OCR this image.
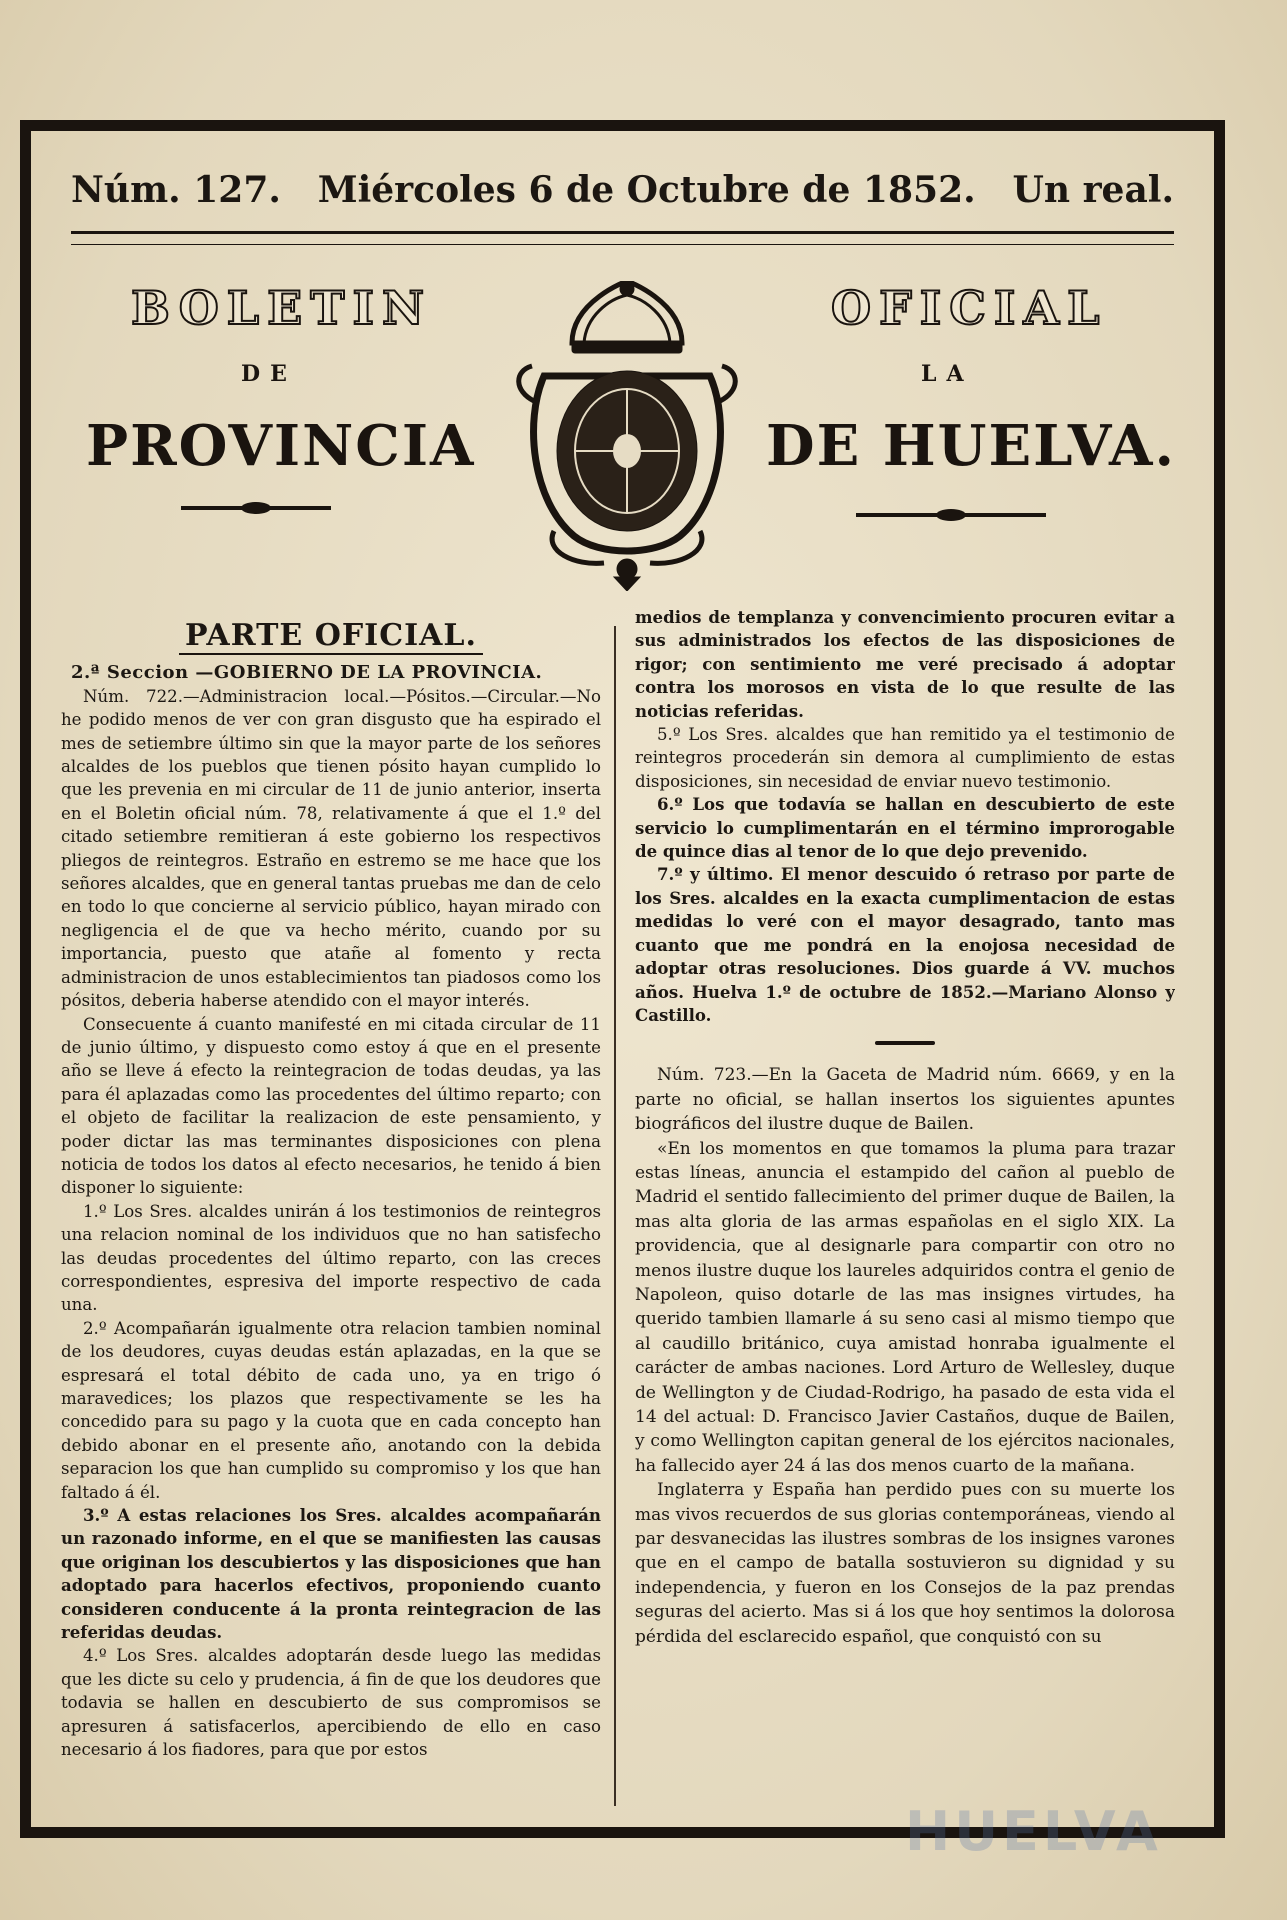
Núm. 127. Miércoles 6 de Octubre de 1852. Un real.
BOLETIN	OFICIAL
DE	LA
PROVINCIA	DE HUELVA.
PARTE OFICIAL.

2.ª Seccion —GOBIERNO DE LA PROVINCIA.

Núm. 722.—Administracion local.—Pósitos.—Circular.—No he podido menos de ver con gran disgusto que ha espirado el mes de setiembre último sin que la mayor parte de los señores alcaldes de los pueblos que tienen pósito hayan cumplido lo que les prevenia en mi circular de 11 de junio anterior, inserta en el Boletin oficial núm. 78, relativamente á que el 1.º del citado setiembre remitieran á este gobierno los respectivos pliegos de reintegros. Estraño en estremo se me hace que los señores alcaldes, que en general tantas pruebas me dan de celo en todo lo que concierne al servicio público, hayan mirado con negligencia el de que va hecho mérito, cuando por su importancia, puesto que atañe al fomento y recta administracion de unos establecimientos tan piadosos como los pósitos, deberia haberse atendido con el mayor interés.

Consecuente á cuanto manifesté en mi citada circular de 11 de junio último, y dispuesto como estoy á que en el presente año se lleve á efecto la reintegracion de todas deudas, ya las para él aplazadas como las procedentes del último reparto; con el objeto de facilitar la realizacion de este pensamiento, y poder dictar las mas terminantes disposiciones con plena noticia de todos los datos al efecto necesarios, he tenido á bien disponer lo siguiente:

1.º Los Sres. alcaldes unirán á los testimonios de reintegros una relacion nominal de los individuos que no han satisfecho las deudas procedentes del último reparto, con las creces correspondientes, espresiva del importe respectivo de cada una.

2.º Acompañarán igualmente otra relacion tambien nominal de los deudores, cuyas deudas están aplazadas, en la que se espresará el total débito de cada uno, ya en trigo ó maravedices; los plazos que respectivamente se les ha concedido para su pago y la cuota que en cada concepto han debido abonar en el presente año, anotando con la debida separacion los que han cumplido su compromiso y los que han faltado á él.

3.º A estas relaciones los Sres. alcaldes acompañarán un razonado informe, en el que se manifiesten las causas que originan los descubiertos y las disposiciones que han adoptado para hacerlos efectivos, proponiendo cuanto consideren conducente á la pronta reintegracion de las referidas deudas.

4.º Los Sres. alcaldes adoptarán desde luego las medidas que les dicte su celo y prudencia, á fin de que los deudores que todavia se hallen en descubierto de sus compromisos se apresuren á satisfacerlos, apercibiendo de ello en caso necesario á los fiadores, para que por estos

medios de templanza y convencimiento procuren evitar a sus administrados los efectos de las disposiciones de rigor; con sentimiento me veré precisado á adoptar contra los morosos en vista de lo que resulte de las noticias referidas.

5.º Los Sres. alcaldes que han remitido ya el testimonio de reintegros procederán sin demora al cumplimiento de estas disposiciones, sin necesidad de enviar nuevo testimonio.

6.º Los que todavía se hallan en descubierto de este servicio lo cumplimentarán en el término improrogable de quince dias al tenor de lo que dejo prevenido.

7.º y último. El menor descuido ó retraso por parte de los Sres. alcaldes en la exacta cumplimentacion de estas medidas lo veré con el mayor desagrado, tanto mas cuanto que me pondrá en la enojosa necesidad de adoptar otras resoluciones. Dios guarde á VV. muchos años. Huelva 1.º de octubre de 1852.—Mariano Alonso y Castillo.

Núm. 723.—En la Gaceta de Madrid núm. 6669, y en la parte no oficial, se hallan insertos los siguientes apuntes biográficos del ilustre duque de Bailen.

«En los momentos en que tomamos la pluma para trazar estas líneas, anuncia el estampido del cañon al pueblo de Madrid el sentido fallecimiento del primer duque de Bailen, la mas alta gloria de las armas españolas en el siglo XIX. La providencia, que al designarle para compartir con otro no menos ilustre duque los laureles adquiridos contra el genio de Napoleon, quiso dotarle de las mas insignes virtudes, ha querido tambien llamarle á su seno casi al mismo tiempo que al caudillo británico, cuya amistad honraba igualmente el carácter de ambas naciones. Lord Arturo de Wellesley, duque de Wellington y de Ciudad-Rodrigo, ha pasado de esta vida el 14 del actual: D. Francisco Javier Castaños, duque de Bailen, y como Wellington capitan general de los ejércitos nacionales, ha fallecido ayer 24 á las dos menos cuarto de la mañana.

Inglaterra y España han perdido pues con su muerte los mas vivos recuerdos de sus glorias contemporáneas, viendo al par desvanecidas las ilustres sombras de los insignes varones que en el campo de batalla sostuvieron su dignidad y su independencia, y fueron en los Consejos de la paz prendas seguras del acierto. Mas si á los que hoy sentimos la dolorosa pérdida del esclarecido español, que conquistó con su

HUELVA
